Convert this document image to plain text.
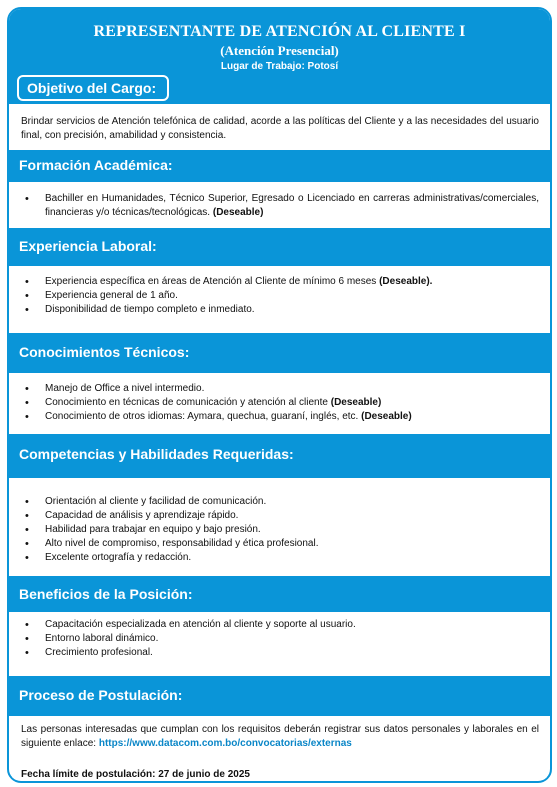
REPRESENTANTE DE ATENCIÓN AL CLIENTE I
(Atención Presencial)
Lugar de Trabajo: Potosí
Objetivo del Cargo:

Brindar servicios de Atención telefónica de calidad, acorde a las políticas del Cliente y a las necesidades del usuario final, con precisión, amabilidad y consistencia.

Formación Académica:
• Bachiller en Humanidades, Técnico Superior, Egresado o Licenciado en carreras administrativas/comerciales, financieras y/o técnicas/tecnológicas. (Deseable)
Experiencia Laboral:
• Experiencia específica en áreas de Atención al Cliente de mínimo 6 meses (Deseable).
• Experiencia general de 1 año.
• Disponibilidad de tiempo completo e inmediato.
Conocimientos Técnicos:
• Manejo de Office a nivel intermedio.
• Conocimiento en técnicas de comunicación y atención al cliente (Deseable)
• Conocimiento de otros idiomas: Aymara, quechua, guaraní, inglés, etc. (Deseable)
Competencias y Habilidades Requeridas:
• Orientación al cliente y facilidad de comunicación.
• Capacidad de análisis y aprendizaje rápido.
• Habilidad para trabajar en equipo y bajo presión.
• Alto nivel de compromiso, responsabilidad y ética profesional.
• Excelente ortografía y redacción.
Beneficios de la Posición:
• Capacitación especializada en atención al cliente y soporte al usuario.
• Entorno laboral dinámico.
• Crecimiento profesional.
Proceso de Postulación:

Las personas interesadas que cumplan con los requisitos deberán registrar sus datos personales y laborales en el siguiente enlace: https://www.datacom.com.bo/convocatorias/externas

Fecha límite de postulación: 27 de junio de 2025
